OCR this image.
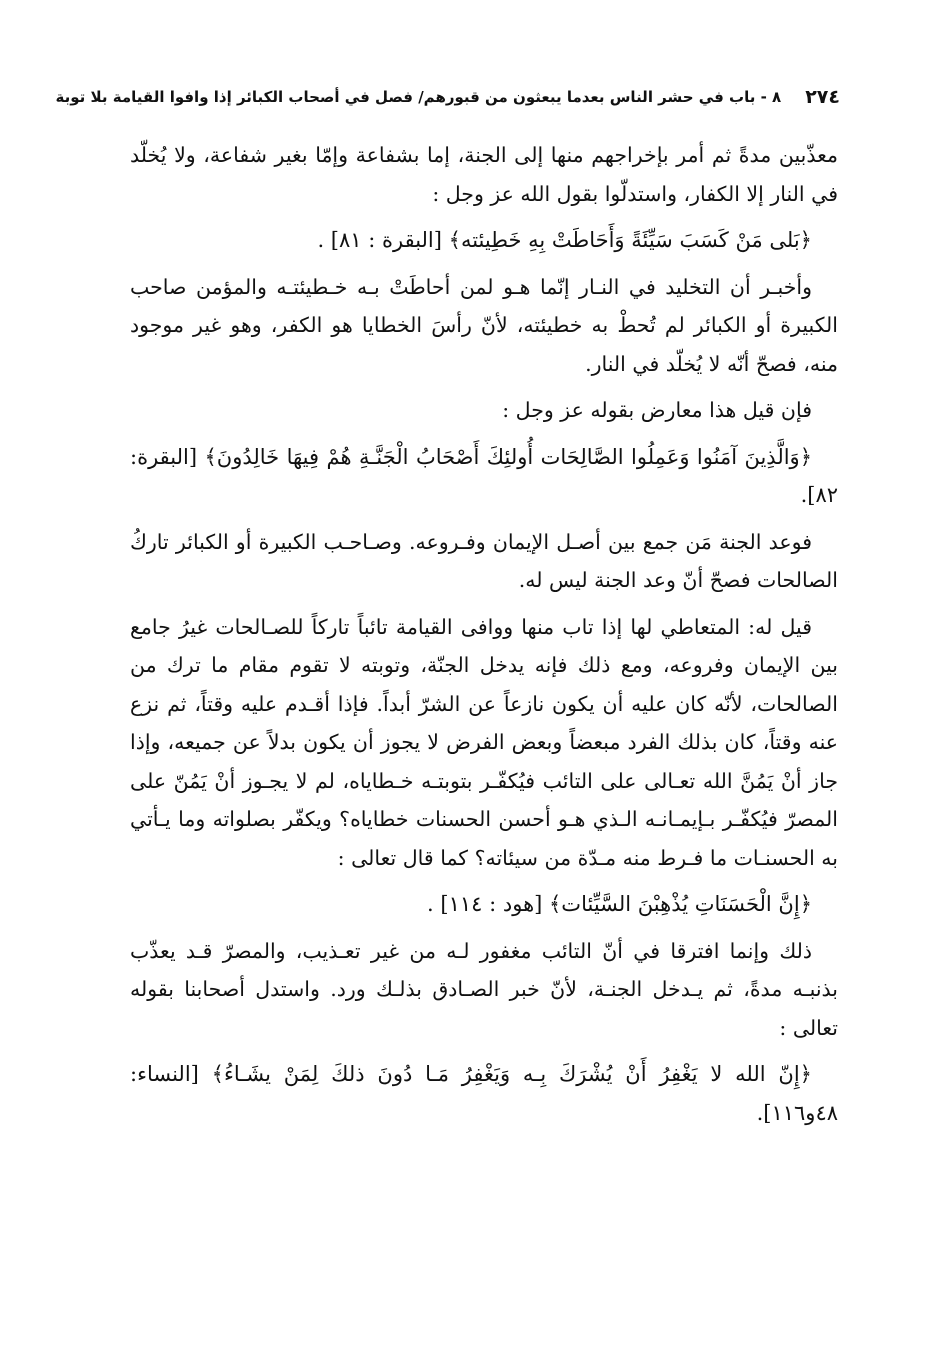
٢٧٤
٨ - باب في حشر الناس بعدما يبعثون من قبورهم/ فصل في أصحاب الكبائر إذا وافوا القيامة بلا توبة

معذّبين مدةً ثم أمر بإخراجهم منها إلى الجنة، إما بشفاعة وإمّا بغير شفاعة، ولا يُخلّد في النار إلا الكفار، واستدلّوا بقول الله عز وجل :

﴿بَلى مَنْ كَسَبَ سَيِّئَةً وَأَحَاطَتْ بِهِ خَطِيئته﴾ [البقرة : ٨١] .

وأخبـر أن التخليد في النـار إنّما هـو لمن أحاطَتْ بـه خـطيئتـه والمؤمن صاحب الكبيرة أو الكبائر لم تُحطْ به خطيئته، لأنّ رأسَ الخطايا هو الكفر، وهو غير موجود منه، فصحّ أنّه لا يُخلّد في النار.

فإن قيل هذا معارض بقوله عز وجل :

﴿وَالَّذِينَ آمَنُوا وَعَمِلُوا الصَّالِحَات أُولئِكَ أَصْحَابُ الْجَنَّـةِ هُمْ فِيهَا خَالِدُونَ﴾ [البقرة: ٨٢].

فوعد الجنة مَن جمع بين أصـل الإيمان وفـروعه. وصـاحـب الكبيرة أو الكبائر تاركُ الصالحات فصحّ أنّ وعد الجنة ليس له.

قيل له: المتعاطي لها إذا تاب منها ووافى القيامة تائباً تاركاً للصـالحات غيرُ جامع بين الإيمان وفروعه، ومع ذلك فإنه يدخل الجنّة، وتوبته لا تقوم مقام ما ترك من الصالحات، لأنّه كان عليه أن يكون نازعاً عن الشرّ أبداً. فإذا أقـدم عليه وقتاً، ثم نزع عنه وقتاً، كان بذلك الفرد مبعضاً وبعض الفرض لا يجوز أن يكون بدلاً عن جميعه، وإذا جاز أنْ يَمُنَّ الله تعـالى على التائب فيُكفّـر بتوبتـه خـطاياه، لم لا يجـوز أنْ يَمُنّ على المصرّ فيُكفّـر بـإيمـانـه الـذي هـو أحسن الحسنات خطاياه؟ ويكفّر بصلواته وما يـأتي به الحسنـات ما فـرط منه مـدّة من سيئاته؟ كما قال تعالى :

﴿إِنَّ الْحَسَنَاتِ يُذْهِبْنَ السَّيِّئات﴾ [هود : ١١٤] .

ذلك وإنما افترقا في أنّ التائب مغفور لـه من غير تعـذيب، والمصرّ قـد يعذّب بذنبـه مدةً، ثم يـدخل الجنـة، لأنّ خبر الصـادق بذلـك ورد. واستدل أصحابنا بقوله تعالى :

﴿إِنّ الله لا يَغْفِرُ أَنْ يُشْرَكَ بِـه وَيَغْفِرُ مَـا دُونَ ذلكَ لِمَنْ يشَـاءُ﴾ [النساء: ٤٨و١١٦].
